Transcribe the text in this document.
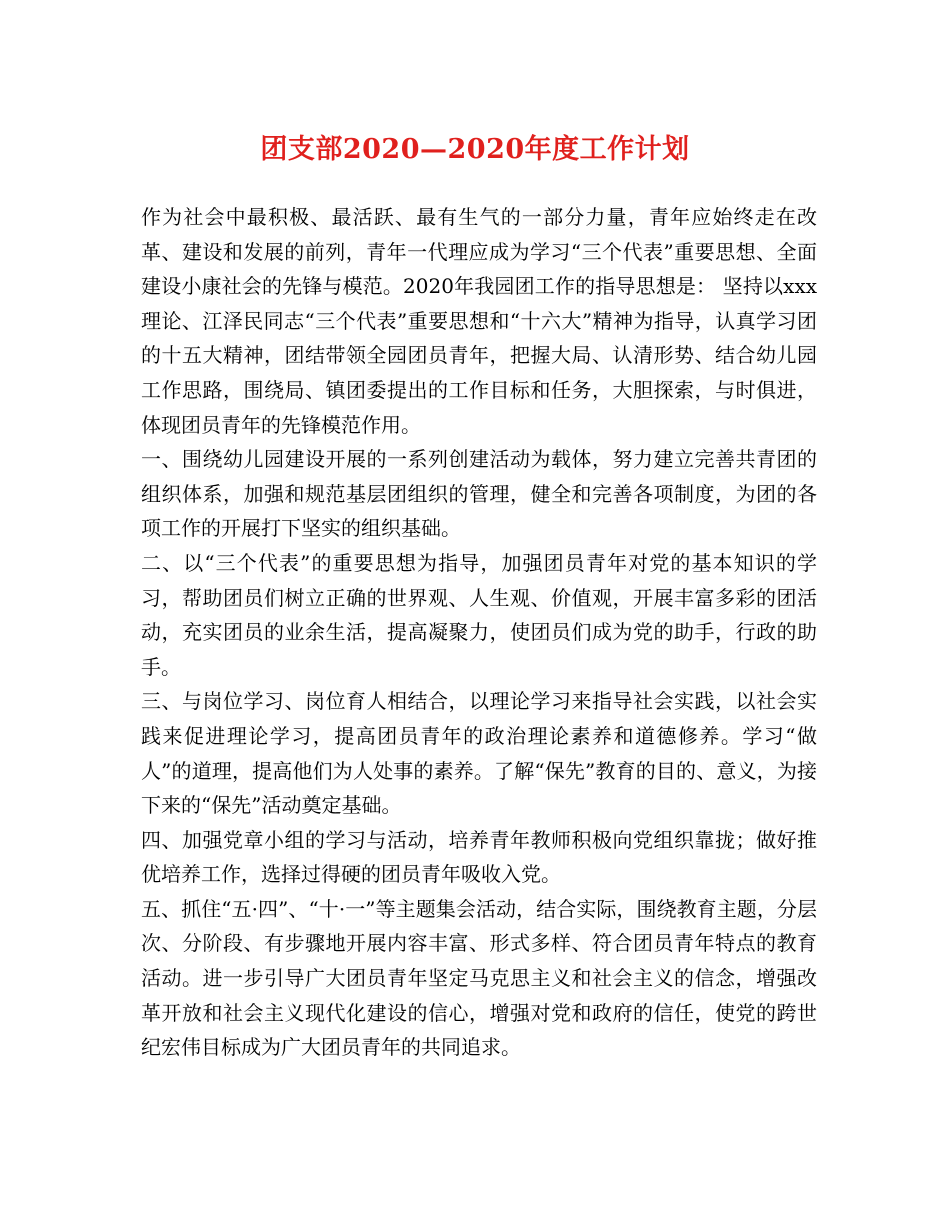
团支部2020—2020年度工作计划

作为社会中最积极、最活跃、最有生气的一部分力量，青年应始终走在改革、建设和发展的前列，青年一代理应成为学习“三个代表”重要思想、全面建设小康社会的先锋与模范。2020年我园团工作的指导思想是： 坚持以xxx理论、江泽民同志“三个代表”重要思想和“十六大”精神为指导，认真学习团的十五大精神，团结带领全园团员青年，把握大局、认清形势、结合幼儿园工作思路，围绕局、镇团委提出的工作目标和任务，大胆探索，与时俱进，体现团员青年的先锋模范作用。

一、围绕幼儿园建设开展的一系列创建活动为载体，努力建立完善共青团的组织体系，加强和规范基层团组织的管理，健全和完善各项制度，为团的各项工作的开展打下坚实的组织基础。

二、以“三个代表”的重要思想为指导，加强团员青年对党的基本知识的学习，帮助团员们树立正确的世界观、人生观、价值观，开展丰富多彩的团活动，充实团员的业余生活，提高凝聚力，使团员们成为党的助手，行政的助手。

三、与岗位学习、岗位育人相结合，以理论学习来指导社会实践，以社会实践来促进理论学习，提高团员青年的政治理论素养和道德修养。学习“做人”的道理，提高他们为人处事的素养。了解“保先”教育的目的、意义，为接下来的“保先”活动奠定基础。

四、加强党章小组的学习与活动，培养青年教师积极向党组织靠拢；做好推优培养工作，选择过得硬的团员青年吸收入党。

五、抓住“五·四”、“十·一”等主题集会活动，结合实际，围绕教育主题，分层次、分阶段、有步骤地开展内容丰富、形式多样、符合团员青年特点的教育活动。进一步引导广大团员青年坚定马克思主义和社会主义的信念，增强改革开放和社会主义现代化建设的信心，增强对党和政府的信任，使党的跨世纪宏伟目标成为广大团员青年的共同追求。
